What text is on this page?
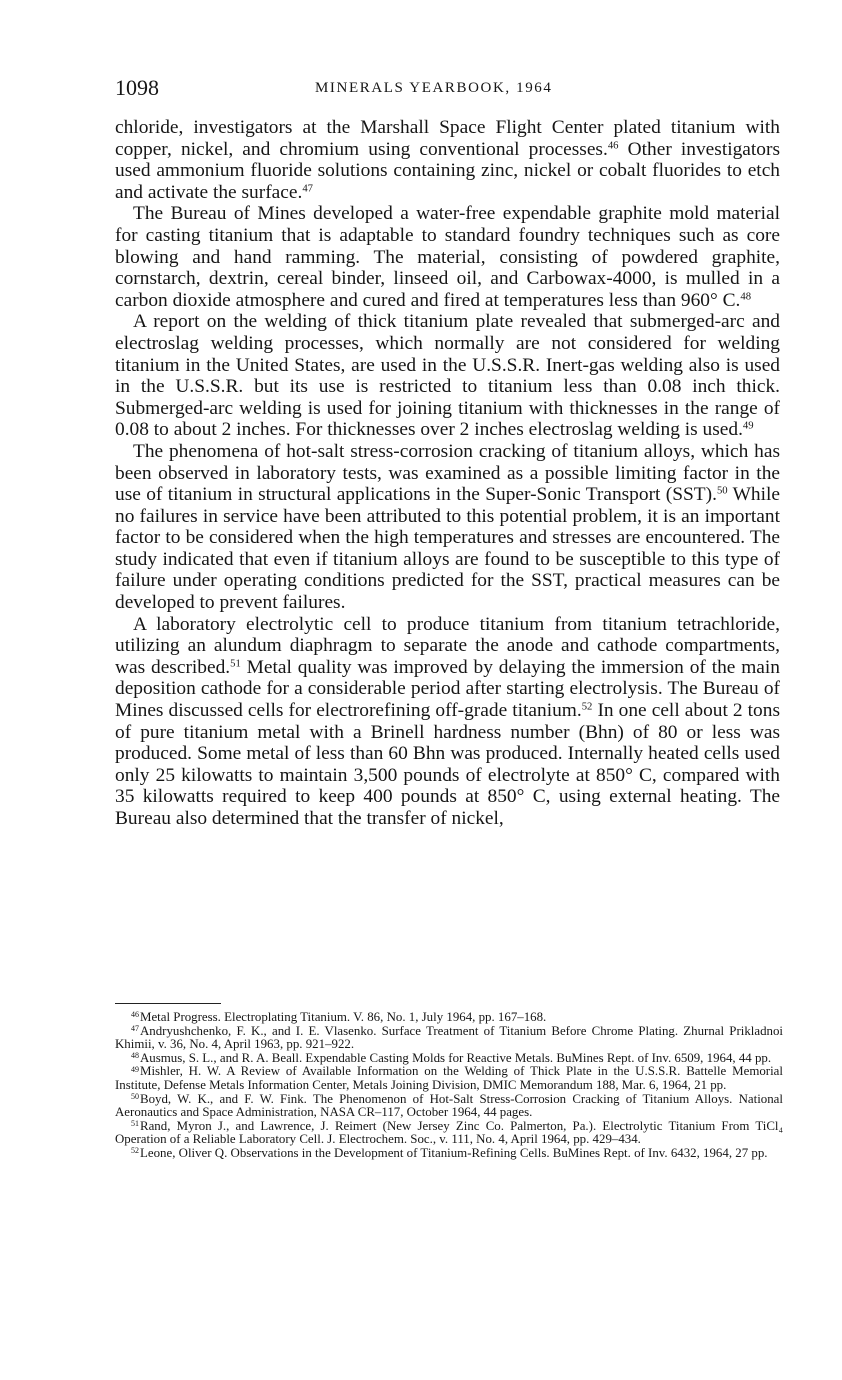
1098	MINERALS YEARBOOK, 1964

chloride, investigators at the Marshall Space Flight Center plated titanium with copper, nickel, and chromium using conventional processes.$^{46}$ Other investigators used ammonium fluoride solutions containing zinc, nickel or cobalt fluorides to etch and activate the surface.$^{47}$

The Bureau of Mines developed a water-free expendable graphite mold material for casting titanium that is adaptable to standard foundry techniques such as core blowing and hand ramming. The material, consisting of powdered graphite, cornstarch, dextrin, cereal binder, linseed oil, and Carbowax-4000, is mulled in a carbon dioxide atmosphere and cured and fired at temperatures less than 960° C.$^{48}$

A report on the welding of thick titanium plate revealed that submerged-arc and electroslag welding processes, which normally are not considered for welding titanium in the United States, are used in the U.S.S.R. Inert-gas welding also is used in the U.S.S.R. but its use is restricted to titanium less than 0.08 inch thick. Submerged-arc welding is used for joining titanium with thicknesses in the range of 0.08 to about 2 inches. For thicknesses over 2 inches electroslag welding is used.$^{49}$

The phenomena of hot-salt stress-corrosion cracking of titanium alloys, which has been observed in laboratory tests, was examined as a possible limiting factor in the use of titanium in structural applications in the Super-Sonic Transport (SST).$^{50}$ While no failures in service have been attributed to this potential problem, it is an important factor to be considered when the high temperatures and stresses are encountered. The study indicated that even if titanium alloys are found to be susceptible to this type of failure under operating conditions predicted for the SST, practical measures can be developed to prevent failures.

A laboratory electrolytic cell to produce titanium from titanium tetrachloride, utilizing an alundum diaphragm to separate the anode and cathode compartments, was described.$^{51}$ Metal quality was improved by delaying the immersion of the main deposition cathode for a considerable period after starting electrolysis. The Bureau of Mines discussed cells for electrorefining off-grade titanium.$^{52}$ In one cell about 2 tons of pure titanium metal with a Brinell hardness number (Bhn) of 80 or less was produced. Some metal of less than 60 Bhn was produced. Internally heated cells used only 25 kilowatts to maintain 3,500 pounds of electrolyte at 850° C, compared with 35 kilowatts required to keep 400 pounds at 850° C, using external heating. The Bureau also determined that the transfer of nickel,

$^{46}$Metal Progress. Electroplating Titanium. V. 86, No. 1, July 1964, pp. 167–168.

$^{47}$Andryushchenko, F. K., and I. E. Vlasenko. Surface Treatment of Titanium Before Chrome Plating. Zhurnal Prikladnoi Khimii, v. 36, No. 4, April 1963, pp. 921–922.

$^{48}$Ausmus, S. L., and R. A. Beall. Expendable Casting Molds for Reactive Metals. BuMines Rept. of Inv. 6509, 1964, 44 pp.

$^{49}$Mishler, H. W. A Review of Available Information on the Welding of Thick Plate in the U.S.S.R. Battelle Memorial Institute, Defense Metals Information Center, Metals Joining Division, DMIC Memorandum 188, Mar. 6, 1964, 21 pp.

$^{50}$Boyd, W. K., and F. W. Fink. The Phenomenon of Hot-Salt Stress-Corrosion Cracking of Titanium Alloys. National Aeronautics and Space Administration, NASA CR–117, October 1964, 44 pages.

$^{51}$Rand, Myron J., and Lawrence, J. Reimert (New Jersey Zinc Co. Palmerton, Pa.). Electrolytic Titanium From TiCl₄ Operation of a Reliable Laboratory Cell. J. Electrochem. Soc., v. 111, No. 4, April 1964, pp. 429–434.

$^{52}$Leone, Oliver Q. Observations in the Development of Titanium-Refining Cells. BuMines Rept. of Inv. 6432, 1964, 27 pp.
